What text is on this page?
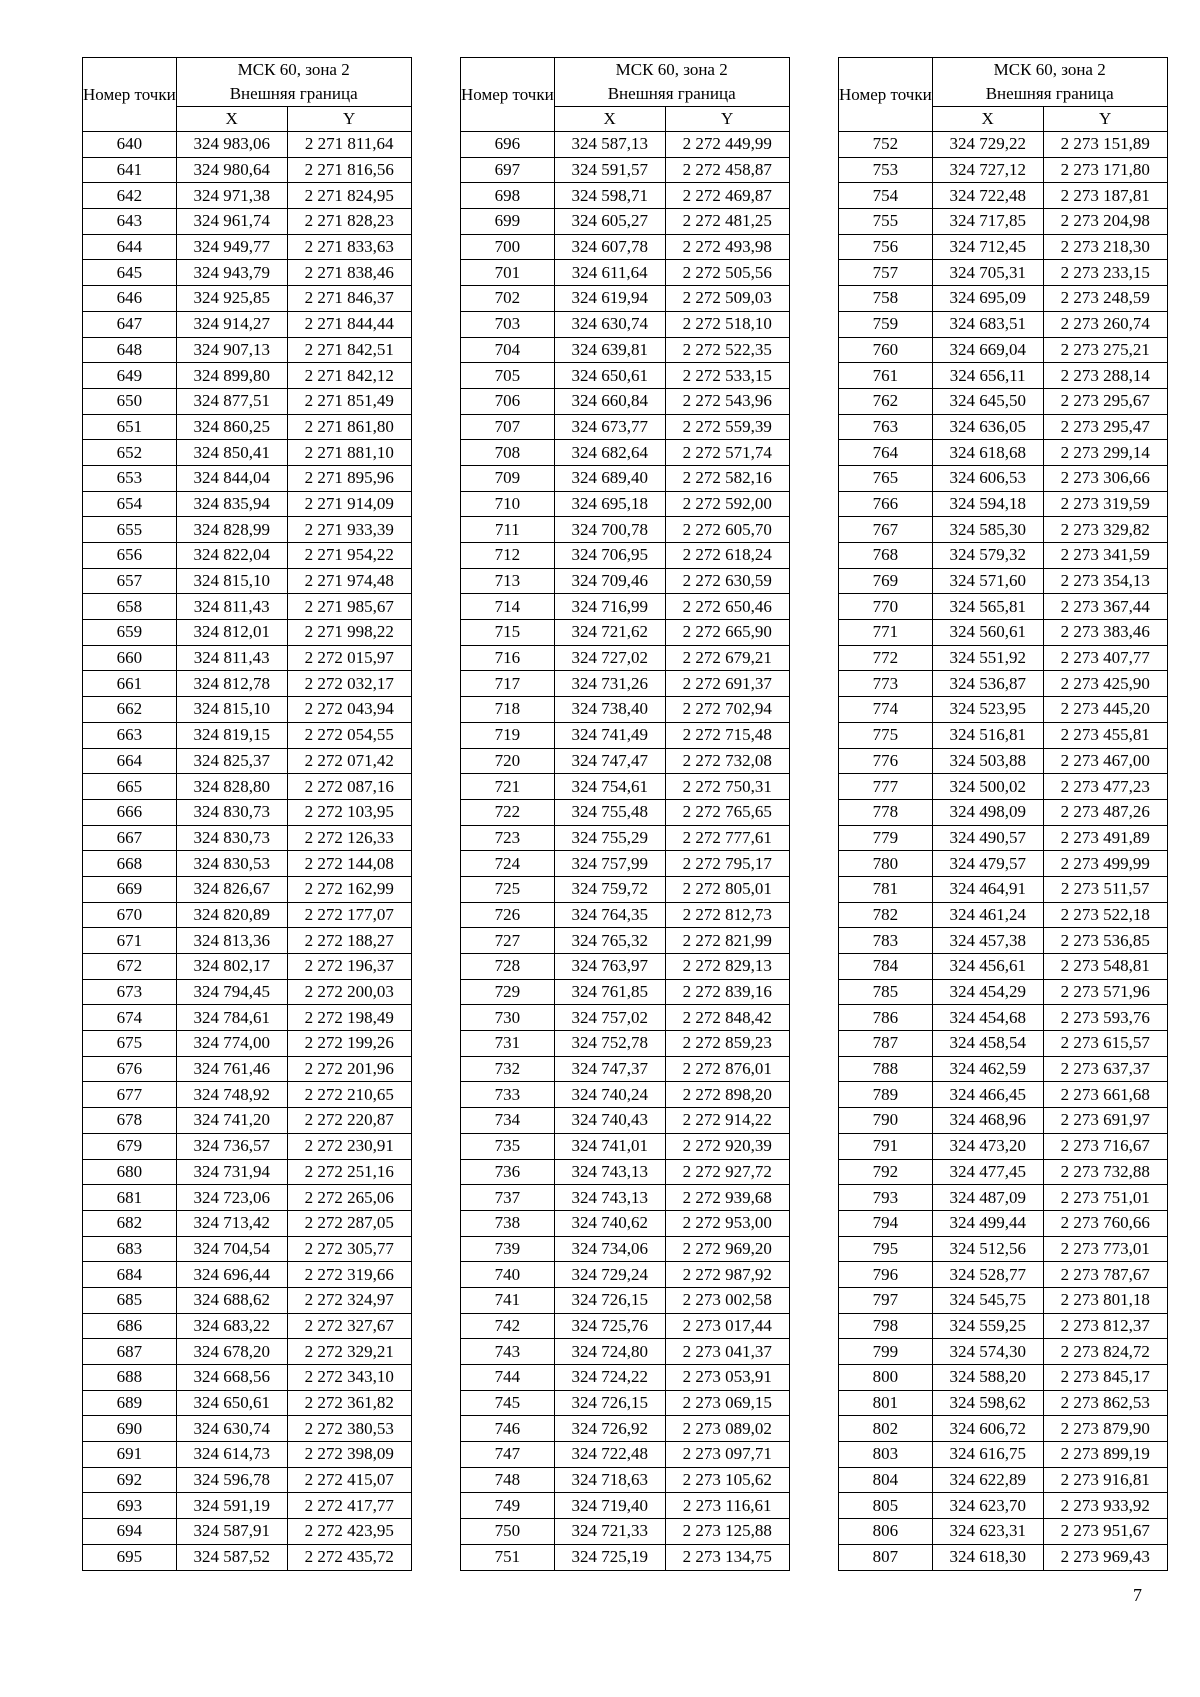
Номер точки	МСК 60, зона 2
Внешняя граница	
	X	Y
640	324 983,06	2 271 811,64
641	324 980,64	2 271 816,56
642	324 971,38	2 271 824,95
643	324 961,74	2 271 828,23
644	324 949,77	2 271 833,63
645	324 943,79	2 271 838,46
646	324 925,85	2 271 846,37
647	324 914,27	2 271 844,44
648	324 907,13	2 271 842,51
649	324 899,80	2 271 842,12
650	324 877,51	2 271 851,49
651	324 860,25	2 271 861,80
652	324 850,41	2 271 881,10
653	324 844,04	2 271 895,96
654	324 835,94	2 271 914,09
655	324 828,99	2 271 933,39
656	324 822,04	2 271 954,22
657	324 815,10	2 271 974,48
658	324 811,43	2 271 985,67
659	324 812,01	2 271 998,22
660	324 811,43	2 272 015,97
661	324 812,78	2 272 032,17
662	324 815,10	2 272 043,94
663	324 819,15	2 272 054,55
664	324 825,37	2 272 071,42
665	324 828,80	2 272 087,16
666	324 830,73	2 272 103,95
667	324 830,73	2 272 126,33
668	324 830,53	2 272 144,08
669	324 826,67	2 272 162,99
670	324 820,89	2 272 177,07
671	324 813,36	2 272 188,27
672	324 802,17	2 272 196,37
673	324 794,45	2 272 200,03
674	324 784,61	2 272 198,49
675	324 774,00	2 272 199,26
676	324 761,46	2 272 201,96
677	324 748,92	2 272 210,65
678	324 741,20	2 272 220,87
679	324 736,57	2 272 230,91
680	324 731,94	2 272 251,16
681	324 723,06	2 272 265,06
682	324 713,42	2 272 287,05
683	324 704,54	2 272 305,77
684	324 696,44	2 272 319,66
685	324 688,62	2 272 324,97
686	324 683,22	2 272 327,67
687	324 678,20	2 272 329,21
688	324 668,56	2 272 343,10
689	324 650,61	2 272 361,82
690	324 630,74	2 272 380,53
691	324 614,73	2 272 398,09
692	324 596,78	2 272 415,07
693	324 591,19	2 272 417,77
694	324 587,91	2 272 423,95
695	324 587,52	2 272 435,72
Номер точки	МСК 60, зона 2
Внешняя граница	
	X	Y
696	324 587,13	2 272 449,99
697	324 591,57	2 272 458,87
698	324 598,71	2 272 469,87
699	324 605,27	2 272 481,25
700	324 607,78	2 272 493,98
701	324 611,64	2 272 505,56
702	324 619,94	2 272 509,03
703	324 630,74	2 272 518,10
704	324 639,81	2 272 522,35
705	324 650,61	2 272 533,15
706	324 660,84	2 272 543,96
707	324 673,77	2 272 559,39
708	324 682,64	2 272 571,74
709	324 689,40	2 272 582,16
710	324 695,18	2 272 592,00
711	324 700,78	2 272 605,70
712	324 706,95	2 272 618,24
713	324 709,46	2 272 630,59
714	324 716,99	2 272 650,46
715	324 721,62	2 272 665,90
716	324 727,02	2 272 679,21
717	324 731,26	2 272 691,37
718	324 738,40	2 272 702,94
719	324 741,49	2 272 715,48
720	324 747,47	2 272 732,08
721	324 754,61	2 272 750,31
722	324 755,48	2 272 765,65
723	324 755,29	2 272 777,61
724	324 757,99	2 272 795,17
725	324 759,72	2 272 805,01
726	324 764,35	2 272 812,73
727	324 765,32	2 272 821,99
728	324 763,97	2 272 829,13
729	324 761,85	2 272 839,16
730	324 757,02	2 272 848,42
731	324 752,78	2 272 859,23
732	324 747,37	2 272 876,01
733	324 740,24	2 272 898,20
734	324 740,43	2 272 914,22
735	324 741,01	2 272 920,39
736	324 743,13	2 272 927,72
737	324 743,13	2 272 939,68
738	324 740,62	2 272 953,00
739	324 734,06	2 272 969,20
740	324 729,24	2 272 987,92
741	324 726,15	2 273 002,58
742	324 725,76	2 273 017,44
743	324 724,80	2 273 041,37
744	324 724,22	2 273 053,91
745	324 726,15	2 273 069,15
746	324 726,92	2 273 089,02
747	324 722,48	2 273 097,71
748	324 718,63	2 273 105,62
749	324 719,40	2 273 116,61
750	324 721,33	2 273 125,88
751	324 725,19	2 273 134,75
Номер точки	МСК 60, зона 2
Внешняя граница	
	X	Y
752	324 729,22	2 273 151,89
753	324 727,12	2 273 171,80
754	324 722,48	2 273 187,81
755	324 717,85	2 273 204,98
756	324 712,45	2 273 218,30
757	324 705,31	2 273 233,15
758	324 695,09	2 273 248,59
759	324 683,51	2 273 260,74
760	324 669,04	2 273 275,21
761	324 656,11	2 273 288,14
762	324 645,50	2 273 295,67
763	324 636,05	2 273 295,47
764	324 618,68	2 273 299,14
765	324 606,53	2 273 306,66
766	324 594,18	2 273 319,59
767	324 585,30	2 273 329,82
768	324 579,32	2 273 341,59
769	324 571,60	2 273 354,13
770	324 565,81	2 273 367,44
771	324 560,61	2 273 383,46
772	324 551,92	2 273 407,77
773	324 536,87	2 273 425,90
774	324 523,95	2 273 445,20
775	324 516,81	2 273 455,81
776	324 503,88	2 273 467,00
777	324 500,02	2 273 477,23
778	324 498,09	2 273 487,26
779	324 490,57	2 273 491,89
780	324 479,57	2 273 499,99
781	324 464,91	2 273 511,57
782	324 461,24	2 273 522,18
783	324 457,38	2 273 536,85
784	324 456,61	2 273 548,81
785	324 454,29	2 273 571,96
786	324 454,68	2 273 593,76
787	324 458,54	2 273 615,57
788	324 462,59	2 273 637,37
789	324 466,45	2 273 661,68
790	324 468,96	2 273 691,97
791	324 473,20	2 273 716,67
792	324 477,45	2 273 732,88
793	324 487,09	2 273 751,01
794	324 499,44	2 273 760,66
795	324 512,56	2 273 773,01
796	324 528,77	2 273 787,67
797	324 545,75	2 273 801,18
798	324 559,25	2 273 812,37
799	324 574,30	2 273 824,72
800	324 588,20	2 273 845,17
801	324 598,62	2 273 862,53
802	324 606,72	2 273 879,90
803	324 616,75	2 273 899,19
804	324 622,89	2 273 916,81
805	324 623,70	2 273 933,92
806	324 623,31	2 273 951,67
807	324 618,30	2 273 969,43
7
